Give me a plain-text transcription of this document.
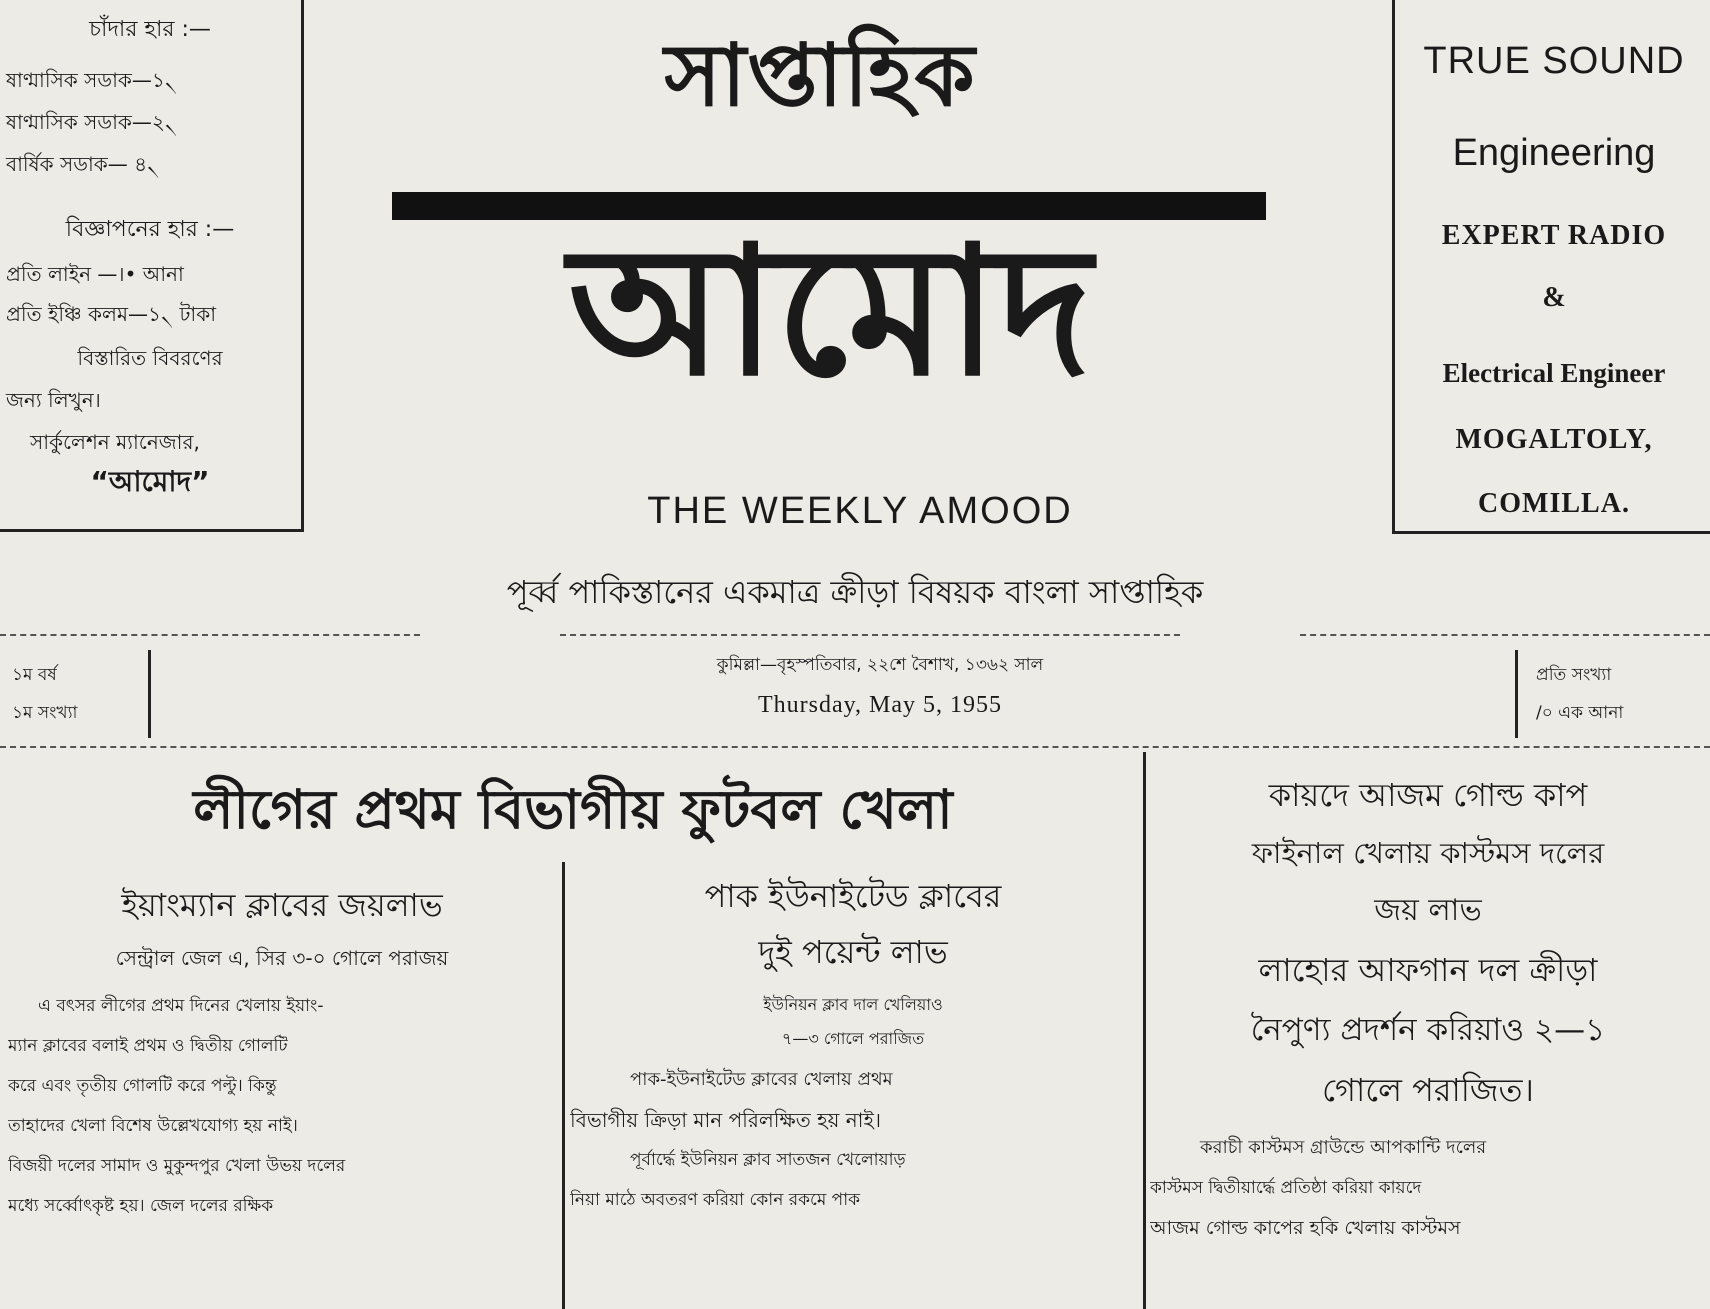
চাঁদার হার :—
ষাণ্মাসিক সডাক—১৲
ষাণ্মাসিক সডাক—২৲
বার্ষিক সডাক— ৪৲
বিজ্ঞাপনের হার :—
প্রতি লাইন —।• আনা
প্রতি ইঞ্চি কলম—১৲ টাকা
বিস্তারিত বিবরণের
জন্য লিখুন।
সার্কুলেশন ম্যানেজার,
“আমোদ”
সাপ্তাহিক
আমোদ
THE WEEKLY AMOOD
পূর্ব্ব পাকিস্তানের একমাত্র ক্রীড়া বিষয়ক বাংলা সাপ্তাহিক
TRUE SOUND
Engineering
EXPERT RADIO
&
Electrical Engineer
MOGALTOLY,
COMILLA.
১ম বর্ষ
১ম সংখ্যা
কুমিল্লা—বৃহস্পতিবার, ২২শে বৈশাখ, ১৩৬২ সাল
Thursday, May 5, 1955
প্রতি সংখ্যা
/০ এক আনা
লীগের প্রথম বিভাগীয় ফুটবল খেলা
ইয়াংম্যান ক্লাবের জয়লাভ
সেন্ট্রাল জেল এ, সির ৩-০ গোলে পরাজয়

এ বৎসর লীগের প্রথম দিনের খেলায় ইয়াং-

ম্যান ক্লাবের বলাই প্রথম ও দ্বিতীয় গোলটি

করে এবং তৃতীয় গোলটি করে পল্টু। কিন্তু

তাহাদের খেলা বিশেষ উল্লেখযোগ্য হয় নাই।

বিজয়ী দলের সামাদ ও মুকুন্দপুর খেলা উভয় দলের

মধ্যে সর্ব্বোৎকৃষ্ট হয়। জেল দলের রক্ষিক

পাক ইউনাইটেড ক্লাবের
দুই পয়েন্ট লাভ
ইউনিয়ন ক্লাব দাল খেলিয়াও
৭—৩ গোলে পরাজিত

পাক-ইউনাইটেড ক্লাবের খেলায় প্রথম

বিভাগীয় ক্রিড়া মান পরিলক্ষিত হয় নাই।

পূর্বার্দ্ধে ইউনিয়ন ক্লাব সাতজন খেলোয়াড়

নিয়া মাঠে অবতরণ করিয়া কোন রকমে পাক

কায়দে আজম গোল্ড কাপ
ফাইনাল খেলায় কাস্টমস দলের
জয় লাভ
লাহোর আফগান দল ক্রীড়া
নৈপুণ্য প্রদর্শন করিয়াও ২—১
গোলে পরাজিত।

করাচী কাস্টমস গ্রাউন্ডে আপকান্টি দলের

কাস্টমস দ্বিতীয়ার্দ্ধে প্রতিষ্ঠা করিয়া কায়দে

আজম গোল্ড কাপের হকি খেলায় কাস্টমস
